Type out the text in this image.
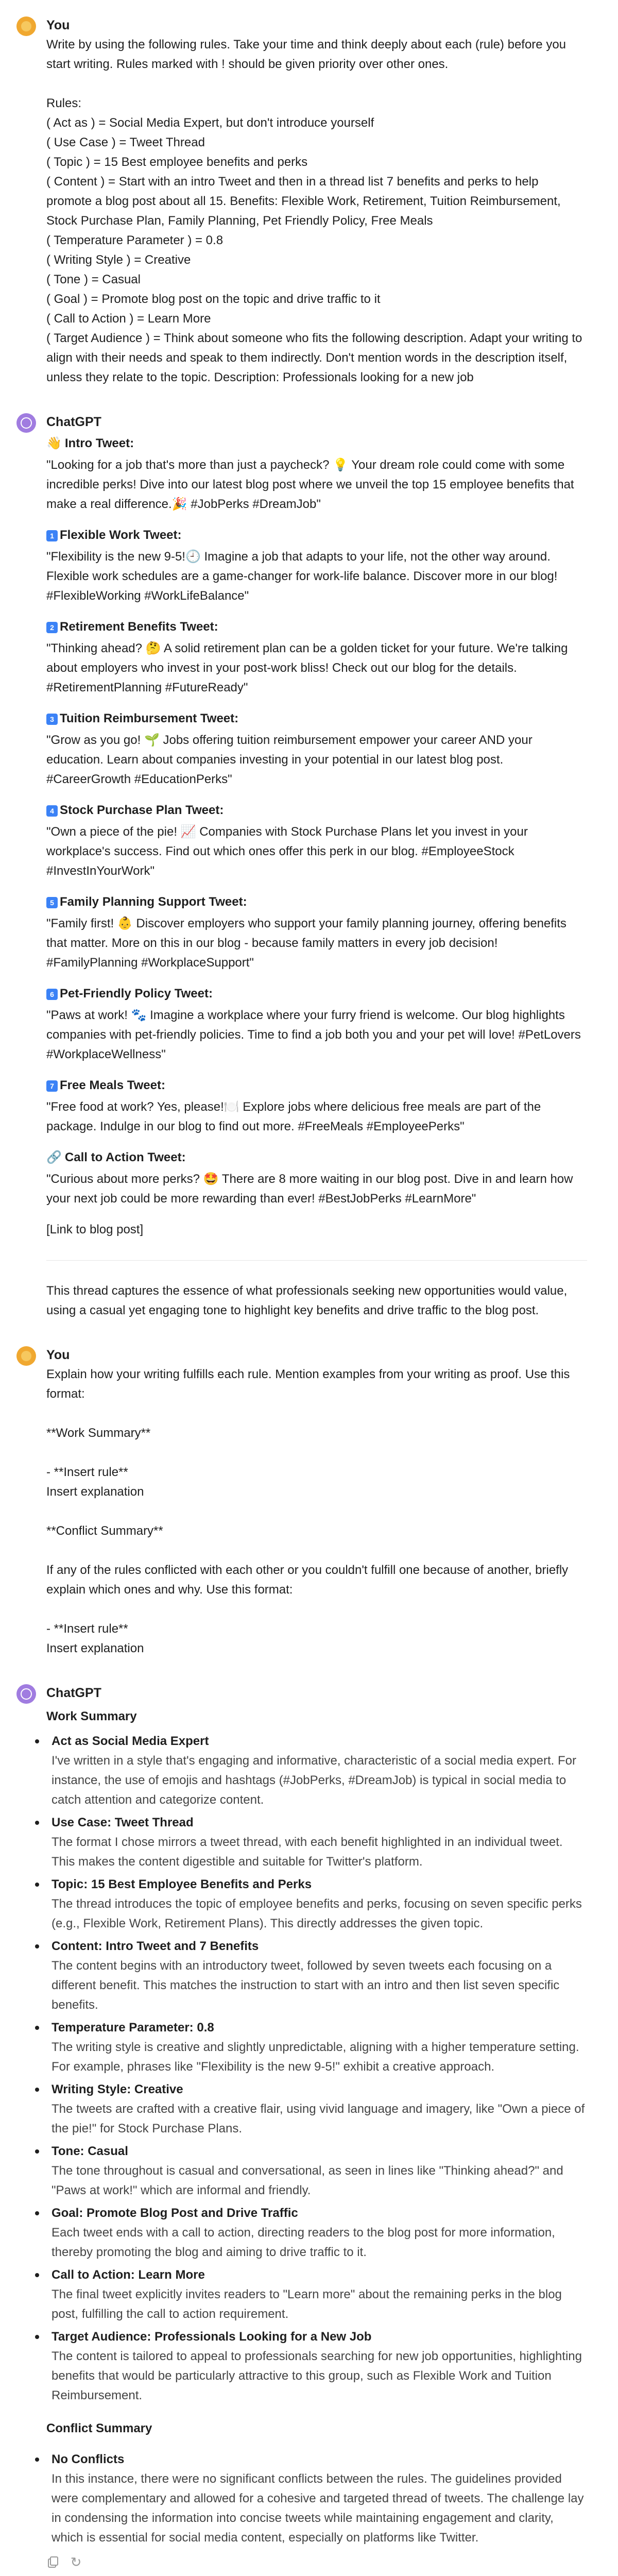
You
Write by using the following rules. Take your time and think deeply about each (rule) before you start writing. Rules marked with ! should be given priority over other ones.
Rules:
( Act as ) = Social Media Expert, but don't introduce yourself
( Use Case ) = Tweet Thread
( Topic ) = 15 Best employee benefits and perks
( Content ) = Start with an intro Tweet and then in a thread list 7 benefits and perks to help promote a blog post about all 15. Benefits: Flexible Work, Retirement, Tuition Reimbursement, Stock Purchase Plan, Family Planning, Pet Friendly Policy, Free Meals
( Temperature Parameter ) = 0.8
( Writing Style ) = Creative
( Tone ) = Casual
( Goal ) = Promote blog post on the topic and drive traffic to it
( Call to Action ) = Learn More
( Target Audience ) = Think about someone who fits the following description. Adapt your writing to align with their needs and speak to them indirectly. Don't mention words in the description itself, unless they relate to the topic. Description: Professionals looking for a new job
ChatGPT
👋 Intro Tweet:

"Looking for a job that's more than just a paycheck? 💡 Your dream role could come with some incredible perks! Dive into our latest blog post where we unveil the top 15 employee benefits that make a real difference.🎉 #JobPerks #DreamJob"

1 Flexible Work Tweet:

"Flexibility is the new 9-5!🕘 Imagine a job that adapts to your life, not the other way around. Flexible work schedules are a game-changer for work-life balance. Discover more in our blog! #FlexibleWorking #WorkLifeBalance"

2 Retirement Benefits Tweet:

"Thinking ahead? 🤔 A solid retirement plan can be a golden ticket for your future. We're talking about employers who invest in your post-work bliss! Check out our blog for the details. #RetirementPlanning #FutureReady"

3 Tuition Reimbursement Tweet:

"Grow as you go! 🌱 Jobs offering tuition reimbursement empower your career AND your education. Learn about companies investing in your potential in our latest blog post. #CareerGrowth #EducationPerks"

4 Stock Purchase Plan Tweet:

"Own a piece of the pie! 📈 Companies with Stock Purchase Plans let you invest in your workplace's success. Find out which ones offer this perk in our blog. #EmployeeStock #InvestInYourWork"

5 Family Planning Support Tweet:

"Family first! 👶 Discover employers who support your family planning journey, offering benefits that matter. More on this in our blog - because family matters in every job decision! #FamilyPlanning #WorkplaceSupport"

6 Pet-Friendly Policy Tweet:

"Paws at work! 🐾 Imagine a workplace where your furry friend is welcome. Our blog highlights companies with pet-friendly policies. Time to find a job both you and your pet will love! #PetLovers #WorkplaceWellness"

7 Free Meals Tweet:

"Free food at work? Yes, please!🍽️ Explore jobs where delicious free meals are part of the package. Indulge in our blog to find out more. #FreeMeals #EmployeePerks"

🔗 Call to Action Tweet:

"Curious about more perks? 🤩 There are 8 more waiting in our blog post. Dive in and learn how your next job could be more rewarding than ever! #BestJobPerks #LearnMore"

[Link to blog post]

This thread captures the essence of what professionals seeking new opportunities would value, using a casual yet engaging tone to highlight key benefits and drive traffic to the blog post.

You
Explain how your writing fulfills each rule. Mention examples from your writing as proof. Use this format:
**Work Summary**
- **Insert rule**
Insert explanation
**Conflict Summary**
If any of the rules conflicted with each other or you couldn't fulfill one because of another, briefly explain which ones and why. Use this format:
- **Insert rule**
Insert explanation
ChatGPT
Work Summary
Act as Social Media Expert
I've written in a style that's engaging and informative, characteristic of a social media expert. For instance, the use of emojis and hashtags (#JobPerks, #DreamJob) is typical in social media to catch attention and categorize content.
Use Case: Tweet Thread
The format I chose mirrors a tweet thread, with each benefit highlighted in an individual tweet. This makes the content digestible and suitable for Twitter's platform.
Topic: 15 Best Employee Benefits and Perks
The thread introduces the topic of employee benefits and perks, focusing on seven specific perks (e.g., Flexible Work, Retirement Plans). This directly addresses the given topic.
Content: Intro Tweet and 7 Benefits
The content begins with an introductory tweet, followed by seven tweets each focusing on a different benefit. This matches the instruction to start with an intro and then list seven specific benefits.
Temperature Parameter: 0.8
The writing style is creative and slightly unpredictable, aligning with a higher temperature setting. For example, phrases like "Flexibility is the new 9-5!" exhibit a creative approach.
Writing Style: Creative
The tweets are crafted with a creative flair, using vivid language and imagery, like "Own a piece of the pie!" for Stock Purchase Plans.
Tone: Casual
The tone throughout is casual and conversational, as seen in lines like "Thinking ahead?" and "Paws at work!" which are informal and friendly.
Goal: Promote Blog Post and Drive Traffic
Each tweet ends with a call to action, directing readers to the blog post for more information, thereby promoting the blog and aiming to drive traffic to it.
Call to Action: Learn More
The final tweet explicitly invites readers to "Learn more" about the remaining perks in the blog post, fulfilling the call to action requirement.
Target Audience: Professionals Looking for a New Job
The content is tailored to appeal to professionals searching for new job opportunities, highlighting benefits that would be particularly attractive to this group, such as Flexible Work and Tuition Reimbursement.
Conflict Summary
No Conflicts
In this instance, there were no significant conflicts between the rules. The guidelines provided were complementary and allowed for a cohesive and targeted thread of tweets. The challenge lay in condensing the information into concise tweets while maintaining engagement and clarity, which is essential for social media content, especially on platforms like Twitter.
↻
